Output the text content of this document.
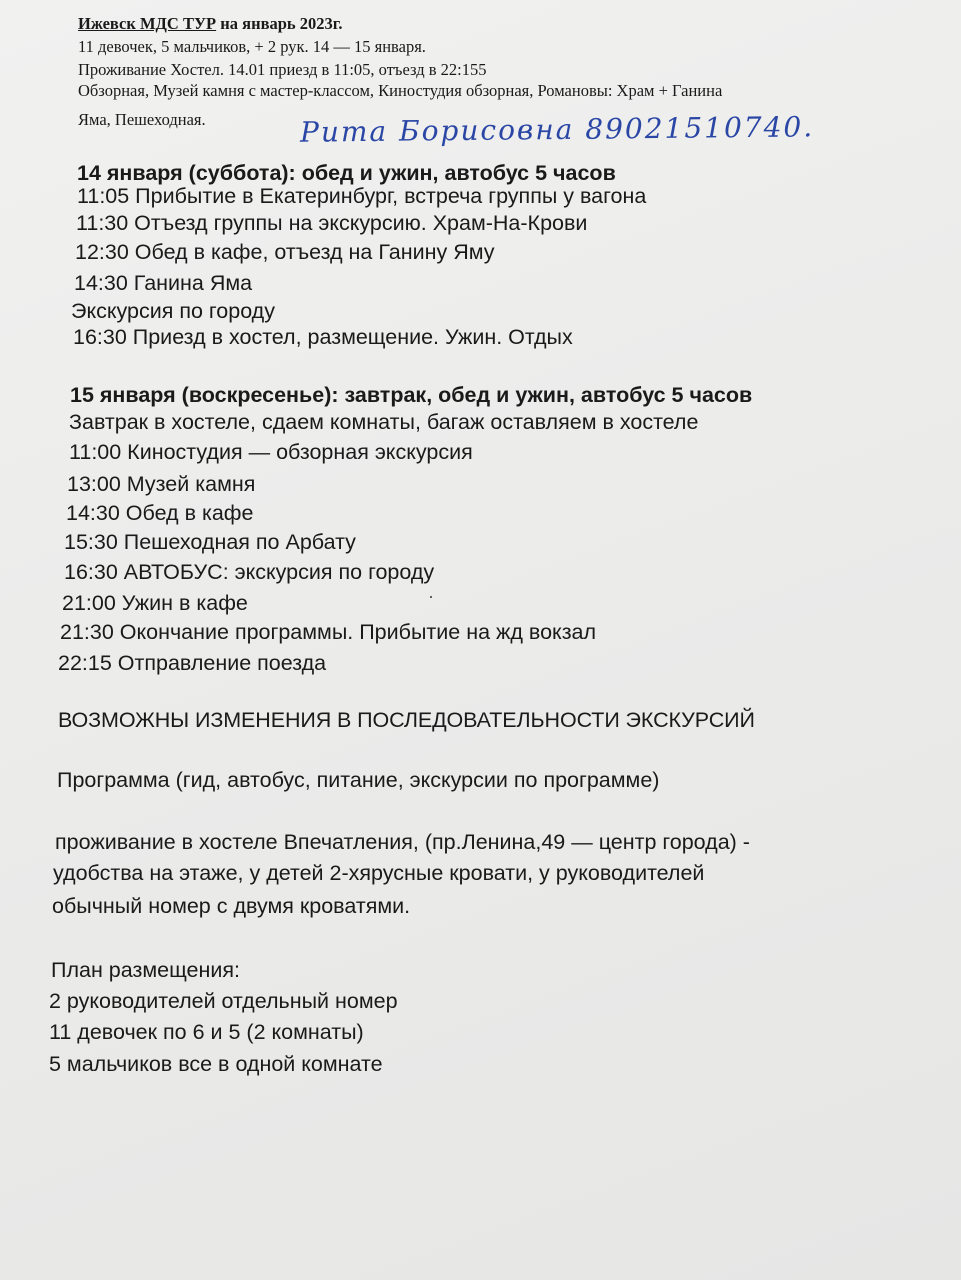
Ижевск МДС ТУР на январь 2023г.
11 девочек, 5 мальчиков, + 2 рук. 14 — 15 января.
Проживание Хостел. 14.01 приезд в 11:05, отъезд в 22:155
Обзорная, Музей камня с мастер-классом, Киностудия обзорная, Романовы: Храм + Ганина
Яма, Пешеходная.	Рита Борисовна 89021510740.
14 января (суббота): обед и ужин, автобус 5 часов
11:05 Прибытие в Екатеринбург, встреча группы у вагона
11:30 Отъезд группы на экскурсию. Храм-На-Крови
12:30 Обед в кафе, отъезд на Ганину Яму
14:30 Ганина Яма
Экскурсия по городу
16:30 Приезд в хостел, размещение. Ужин. Отдых
15 января (воскресенье): завтрак, обед и ужин, автобус 5 часов
Завтрак в хостеле, сдаем комнаты, багаж оставляем в хостеле
11:00 Киностудия — обзорная экскурсия
13:00 Музей камня
14:30 Обед в кафе
15:30 Пешеходная по Арбату
16:30 АВТОБУС: экскурсия по городу
21:00 Ужин в кафе
21:30 Окончание программы. Прибытие на жд вокзал
22:15 Отправление поезда
ВОЗМОЖНЫ ИЗМЕНЕНИЯ В ПОСЛЕДОВАТЕЛЬНОСТИ ЭКСКУРСИЙ
Программа (гид, автобус, питание, экскурсии по программе)
проживание в хостеле Впечатления, (пр.Ленина,49 — центр города) -
удобства на этаже, у детей 2-хярусные кровати, у руководителей
обычный номер с двумя кроватями.
План размещения:
2 руководителей отдельный номер
11 девочек по 6 и 5 (2 комнаты)
5 мальчиков все в одной комнате
